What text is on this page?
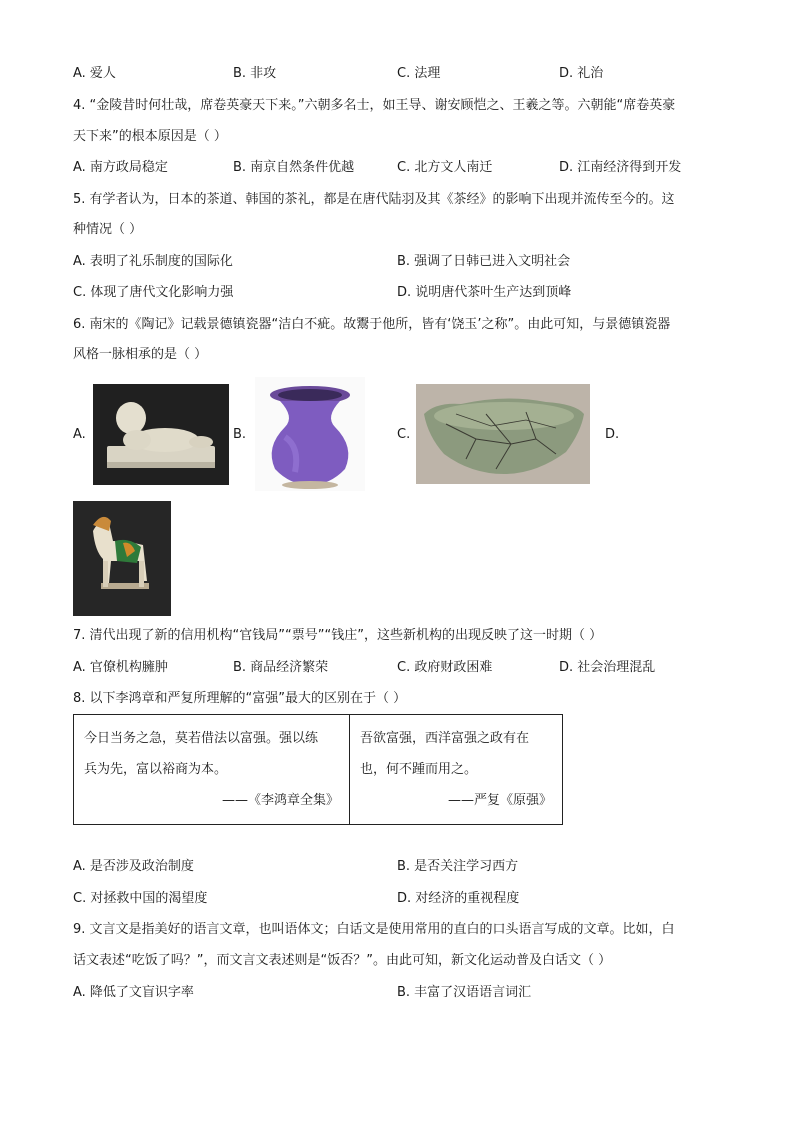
A. 爱人	B. 非攻	C. 法理	D. 礼治
4. “金陵昔时何壮哉，席卷英豪天下来。”六朝多名士，如王导、谢安顾恺之、王羲之等。六朝能“席卷英豪
天下来”的根本原因是（ ）
A. 南方政局稳定	B. 南京自然条件优越	C. 北方文人南迁	D. 江南经济得到开发
5. 有学者认为，日本的茶道、韩国的茶礼，都是在唐代陆羽及其《茶经》的影响下出现并流传至今的。这
种情况（ ）
A. 表明了礼乐制度的国际化	B. 强调了日韩已进入文明社会
C. 体现了唐代文化影响力强	D. 说明唐代茶叶生产达到顶峰
6. 南宋的《陶记》记载景德镇瓷器“洁白不疵。故鬻于他所，皆有‘饶玉’之称”。由此可知，与景德镇瓷器
风格一脉相承的是（ ）
A.	B.	C.	D.
7. 清代出现了新的信用机构“官钱局”“票号”“钱庄”，这些新机构的出现反映了这一时期（ ）
A. 官僚机构臃肿	B. 商品经济繁荣	C. 政府财政困难	D. 社会治理混乱
8. 以下李鸿章和严复所理解的“富强”最大的区别在于（ ）
今日当务之急，莫若借法以富强。强以练
兵为先，富以裕商为本。
——《李鸿章全集》
	吾欲富强，西洋富强之政有在
也，何不踵而用之。
——严复《原强》
A. 是否涉及政治制度	B. 是否关注学习西方
C. 对拯救中国的渴望度	D. 对经济的重视程度
9. 文言文是指美好的语言文章，也叫语体文；白话文是使用常用的直白的口头语言写成的文章。比如，白
话文表述“吃饭了吗？”，而文言文表述则是“饭否？”。由此可知，新文化运动普及白话文（ ）
A. 降低了文盲识字率	B. 丰富了汉语语言词汇
